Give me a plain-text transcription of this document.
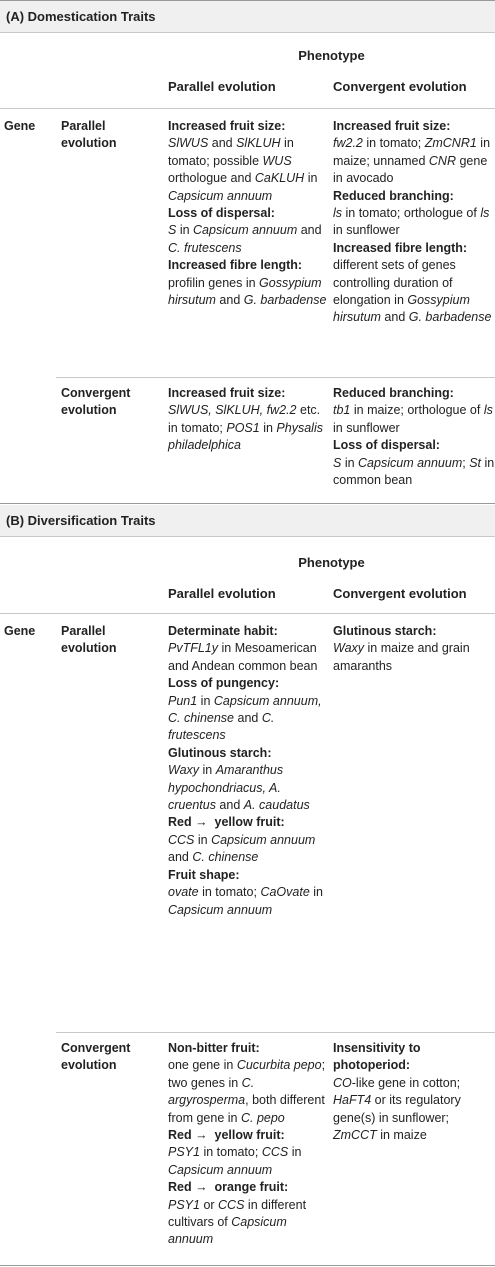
(A) Domestication Traits
Phenotype
Parallel evolution	Convergent evolution
Gene Parallel
evolution
Increased fruit size:
SlWUS and SlKLUH in tomato; possible WUS orthologue and CaKLUH in Capsicum annuum
Loss of dispersal:
S in Capsicum annuum and C. frutescens
Increased fibre length:
profilin genes in Gossypium hirsutum and G. barbadense
Increased fruit size:
fw2.2 in tomato; ZmCNR1 in maize; unnamed CNR gene in avocado
Reduced branching:
ls in tomato; orthologue of ls in sunflower
Increased fibre length:
different sets of genes controlling duration of elongation in Gossypium hirsutum and G. barbadense
Convergent
evolution
Increased fruit size:
SlWUS, SlKLUH, fw2.2 etc. in tomato; POS1 in Physalis philadelphica
Reduced branching:
tb1 in maize; orthologue of ls in sunflower
Loss of dispersal:
S in Capsicum annuum; St in common bean
(B) Diversification Traits
Phenotype
Parallel evolution	Convergent evolution
Gene Parallel
evolution
Determinate habit:
PvTFL1y in Mesoamerican and Andean common bean
Loss of pungency:
Pun1 in Capsicum annuum, C. chinense and C. frutescens
Glutinous starch:
Waxy in Amaranthus hypochondriacus, A. cruentus and A. caudatus
Red →  yellow fruit:
CCS in Capsicum annuum and C. chinense
Fruit shape:
ovate in tomato; CaOvate in Capsicum annuum
Glutinous starch:
Waxy in maize and grain amaranths
Convergent
evolution
Non-bitter fruit:
one gene in Cucurbita pepo; two genes in C. argyrosperma, both different from gene in C. pepo
Red →  yellow fruit:
PSY1 in tomato; CCS in Capsicum annuum
Red →  orange fruit:
PSY1 or CCS in different cultivars of Capsicum annuum
Insensitivity to photoperiod:
CO-like gene in cotton; HaFT4 or its regulatory gene(s) in sunflower; ZmCCT in maize
